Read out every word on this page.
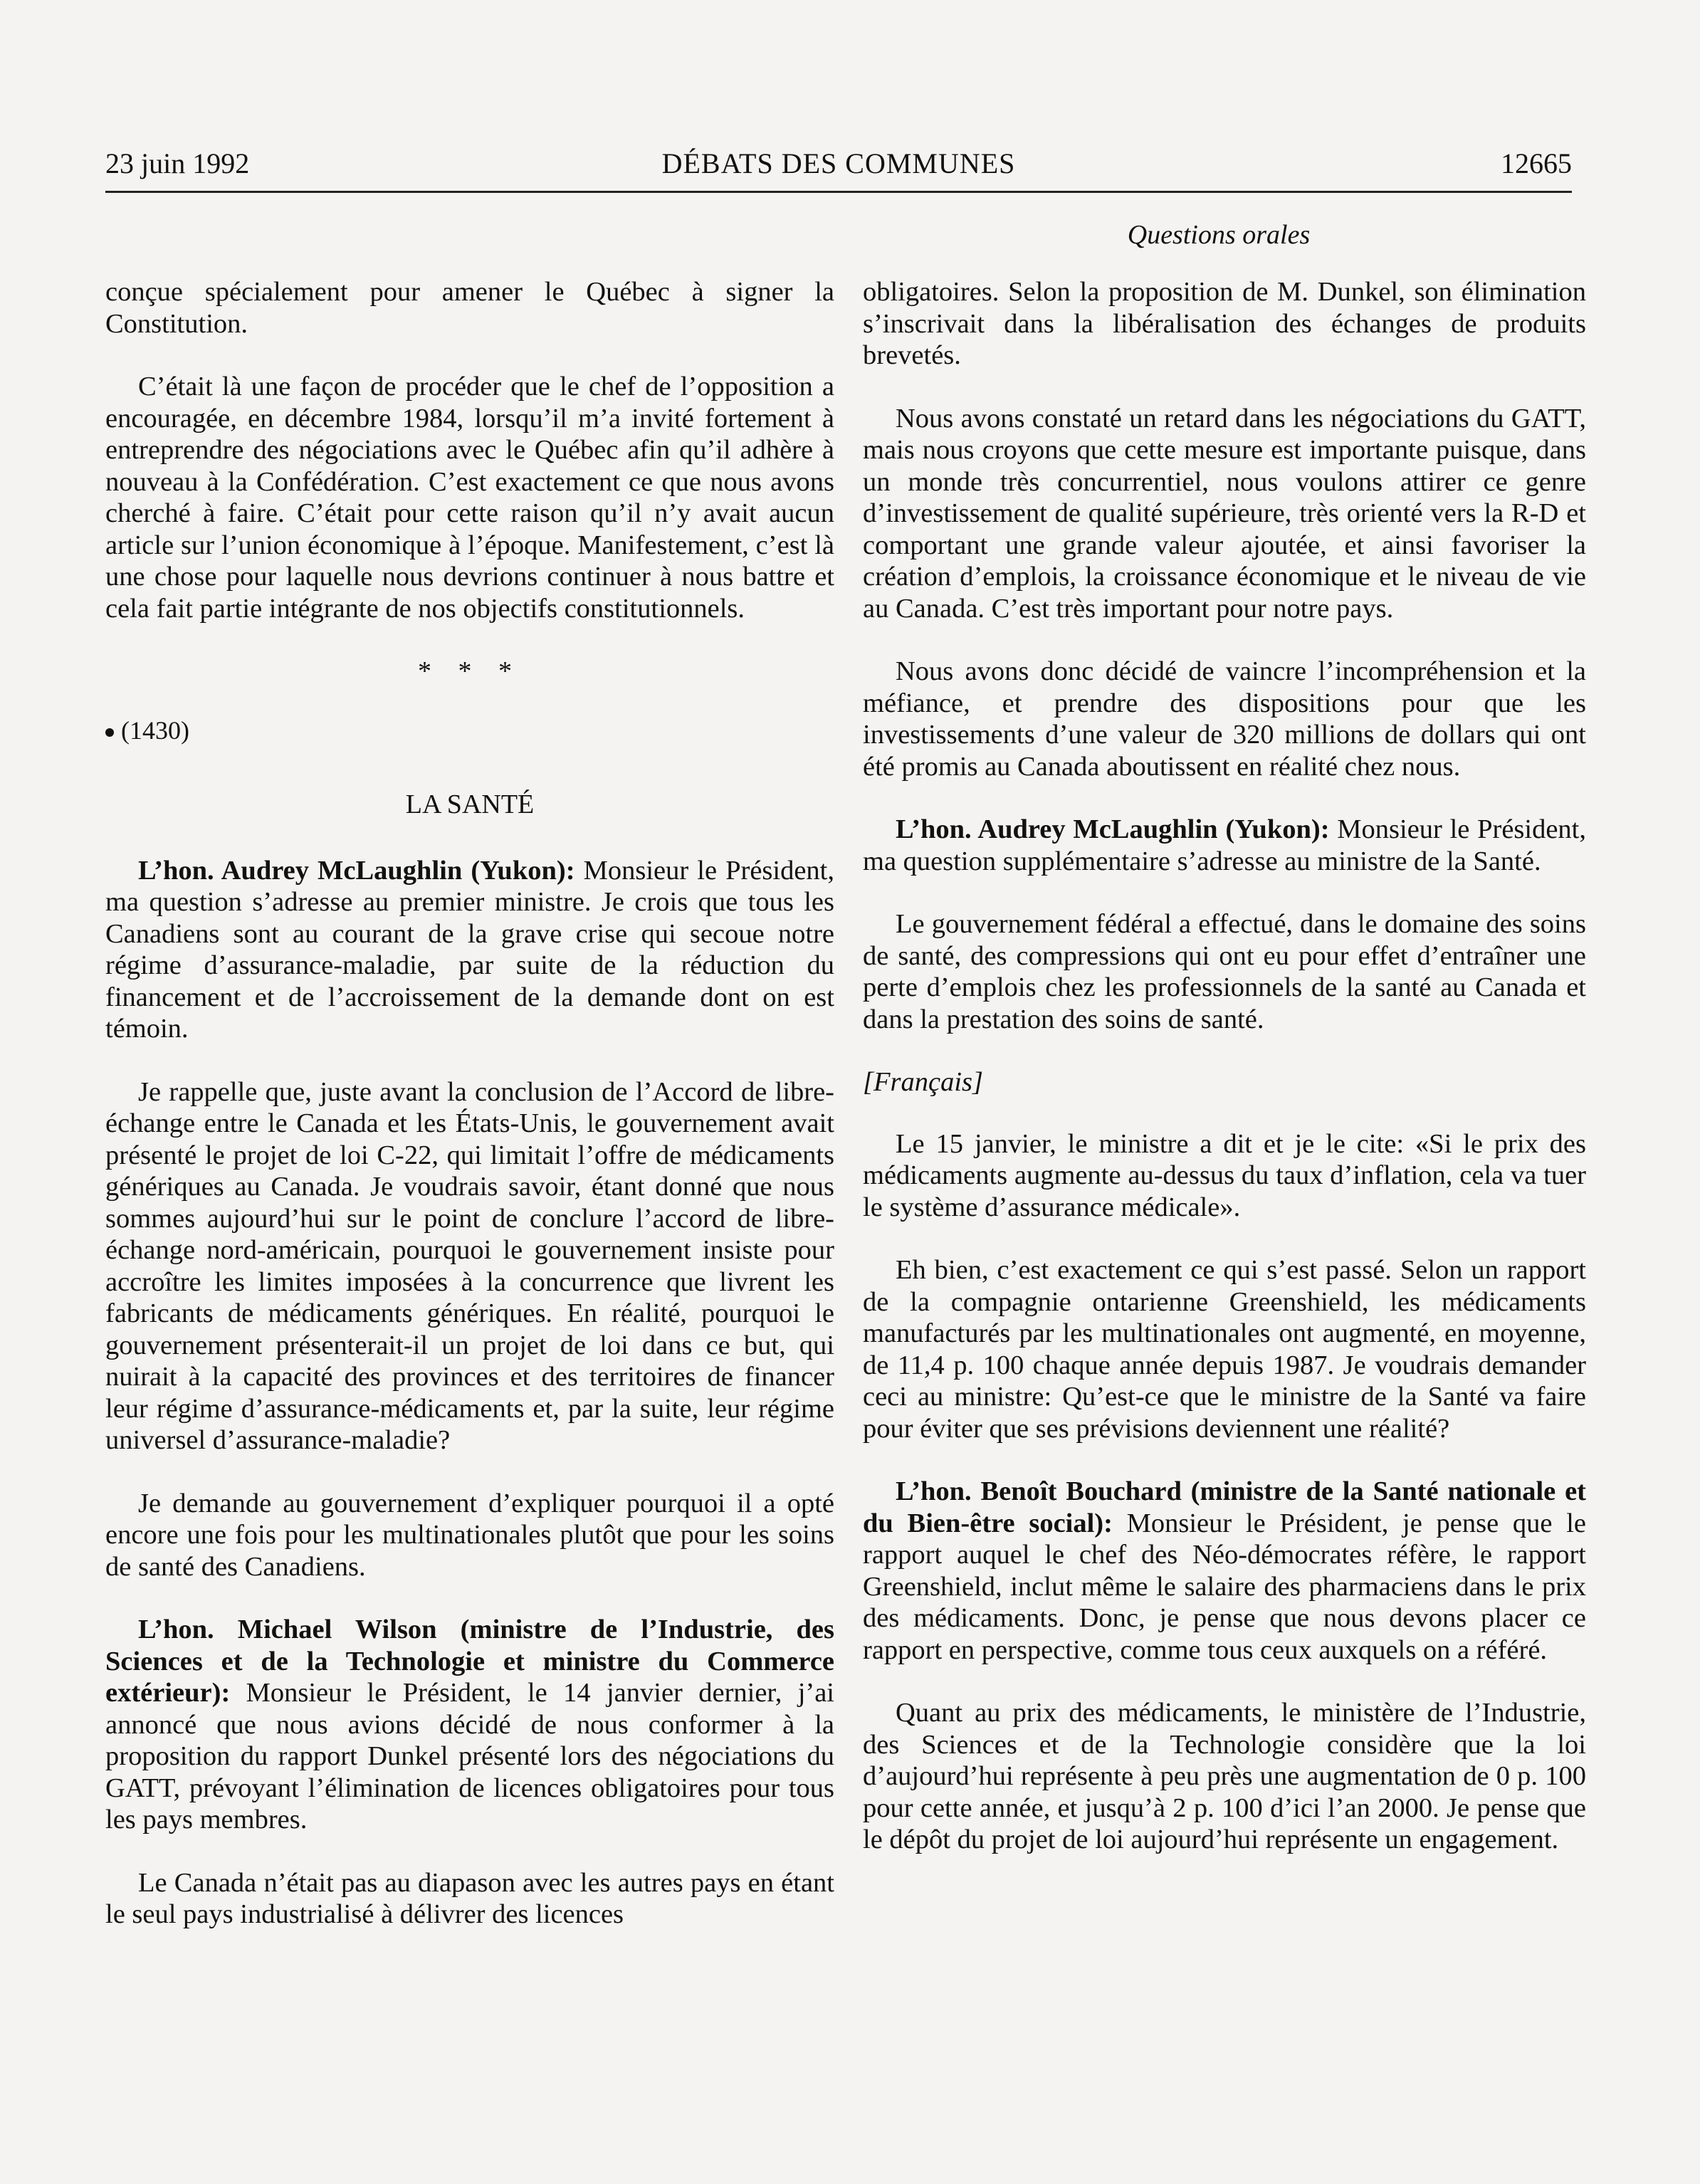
23 juin 1992	DÉBATS DES COMMUNES	12665
Questions orales

conçue spécialement pour amener le Québec à signer la Constitution.

C’était là une façon de procéder que le chef de l’opposition a encouragée, en décembre 1984, lorsqu’il m’a invité fortement à entreprendre des négociations avec le Québec afin qu’il adhère à nouveau à la Confédération. C’est exactement ce que nous avons cherché à faire. C’était pour cette raison qu’il n’y avait aucun article sur l’union économique à l’époque. Manifestement, c’est là une chose pour laquelle nous devrions continuer à nous battre et cela fait partie intégrante de nos objectifs constitutionnels.

* * *

(1430)

LA SANTÉ

L’hon. Audrey McLaughlin (Yukon): Monsieur le Président, ma question s’adresse au premier ministre. Je crois que tous les Canadiens sont au courant de la grave crise qui secoue notre régime d’assurance-maladie, par suite de la réduction du financement et de l’accroissement de la demande dont on est témoin.

Je rappelle que, juste avant la conclusion de l’Accord de libre-échange entre le Canada et les États-Unis, le gouvernement avait présenté le projet de loi C-22, qui limitait l’offre de médicaments génériques au Canada. Je voudrais savoir, étant donné que nous sommes aujourd’hui sur le point de conclure l’accord de libre-échange nord-américain, pourquoi le gouvernement insiste pour accroître les limites imposées à la concurrence que livrent les fabricants de médicaments génériques. En réalité, pourquoi le gouvernement présenterait-il un projet de loi dans ce but, qui nuirait à la capacité des provinces et des territoires de financer leur régime d’assurance-médicaments et, par la suite, leur régime universel d’assurance-maladie?

Je demande au gouvernement d’expliquer pourquoi il a opté encore une fois pour les multinationales plutôt que pour les soins de santé des Canadiens.

L’hon. Michael Wilson (ministre de l’Industrie, des Sciences et de la Technologie et ministre du Commerce extérieur): Monsieur le Président, le 14 janvier dernier, j’ai annoncé que nous avions décidé de nous conformer à la proposition du rapport Dunkel présenté lors des négociations du GATT, prévoyant l’élimination de licences obligatoires pour tous les pays membres.

Le Canada n’était pas au diapason avec les autres pays en étant le seul pays industrialisé à délivrer des licences

obligatoires. Selon la proposition de M. Dunkel, son élimination s’inscrivait dans la libéralisation des échanges de produits brevetés.

Nous avons constaté un retard dans les négociations du GATT, mais nous croyons que cette mesure est importante puisque, dans un monde très concurrentiel, nous voulons attirer ce genre d’investissement de qualité supérieure, très orienté vers la R-D et comportant une grande valeur ajoutée, et ainsi favoriser la création d’emplois, la croissance économique et le niveau de vie au Canada. C’est très important pour notre pays.

Nous avons donc décidé de vaincre l’incompréhension et la méfiance, et prendre des dispositions pour que les investissements d’une valeur de 320 millions de dollars qui ont été promis au Canada aboutissent en réalité chez nous.

L’hon. Audrey McLaughlin (Yukon): Monsieur le Président, ma question supplémentaire s’adresse au ministre de la Santé.

Le gouvernement fédéral a effectué, dans le domaine des soins de santé, des compressions qui ont eu pour effet d’entraîner une perte d’emplois chez les professionnels de la santé au Canada et dans la prestation des soins de santé.

[Français]

Le 15 janvier, le ministre a dit et je le cite: «Si le prix des médicaments augmente au-dessus du taux d’inflation, cela va tuer le système d’assurance médicale».

Eh bien, c’est exactement ce qui s’est passé. Selon un rapport de la compagnie ontarienne Greenshield, les médicaments manufacturés par les multinationales ont augmenté, en moyenne, de 11,4 p. 100 chaque année depuis 1987. Je voudrais demander ceci au ministre: Qu’est-ce que le ministre de la Santé va faire pour éviter que ses prévisions deviennent une réalité?

L’hon. Benoît Bouchard (ministre de la Santé nationale et du Bien-être social): Monsieur le Président, je pense que le rapport auquel le chef des Néo-démocrates réfère, le rapport Greenshield, inclut même le salaire des pharmaciens dans le prix des médicaments. Donc, je pense que nous devons placer ce rapport en perspective, comme tous ceux auxquels on a référé.

Quant au prix des médicaments, le ministère de l’Industrie, des Sciences et de la Technologie considère que la loi d’aujourd’hui représente à peu près une augmentation de 0 p. 100 pour cette année, et jusqu’à 2 p. 100 d’ici l’an 2000. Je pense que le dépôt du projet de loi aujourd’hui représente un engagement.
